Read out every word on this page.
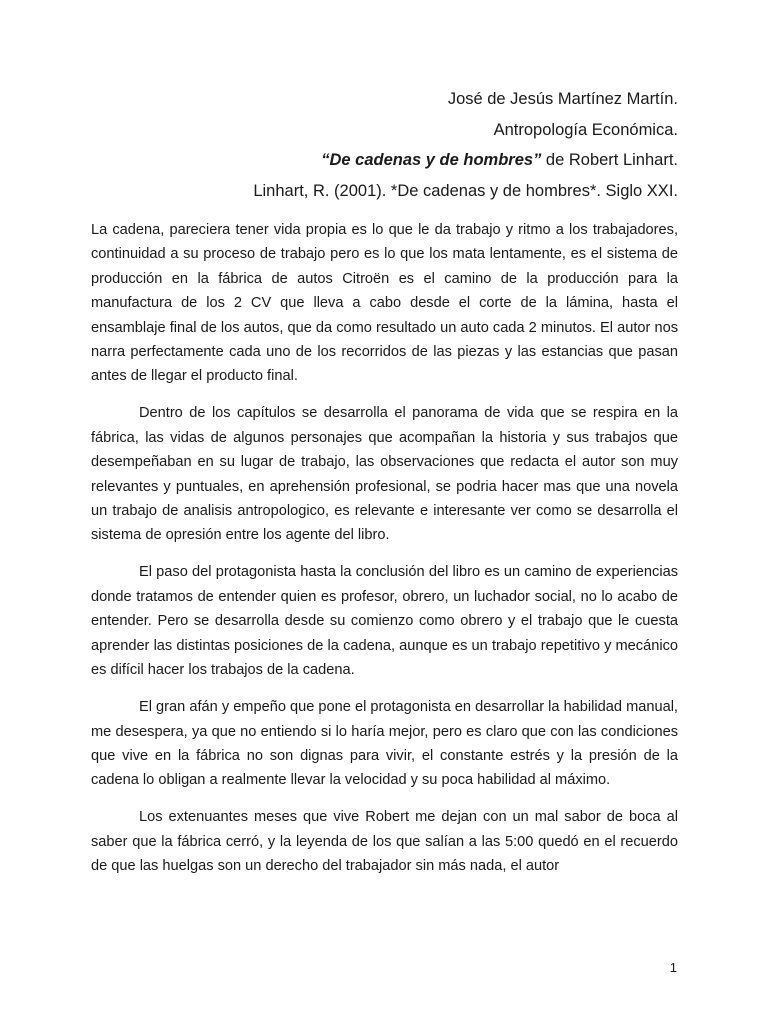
José de Jesús Martínez Martín.
Antropología Económica.
“De cadenas y de hombres” de Robert Linhart.
Linhart, R. (2001). *De cadenas y de hombres*. Siglo XXI.

La cadena, pareciera tener vida propia es lo que le da trabajo y ritmo a los trabajadores, continuidad a su proceso de trabajo pero es lo que los mata lentamente, es el sistema de producción en la fábrica de autos Citroën es el camino de la producción para la manufactura de los 2 CV que lleva a cabo desde el corte de la lámina, hasta el ensamblaje final de los autos, que da como resultado un auto cada 2 minutos. El autor nos narra perfectamente cada uno de los recorridos de las piezas y las estancias que pasan antes de llegar el producto final.

Dentro de los capítulos se desarrolla el panorama de vida que se respira en la fábrica, las vidas de algunos personajes que acompañan la historia y sus trabajos que desempeñaban en su lugar de trabajo, las observaciones que redacta el autor son muy relevantes y puntuales, en aprehensión profesional, se podria hacer mas que una novela un trabajo de analisis antropologico, es relevante e interesante ver como se desarrolla el sistema de opresión entre los agente del libro.

El paso del protagonista hasta la conclusión del libro es un camino de experiencias donde tratamos de entender quien es profesor, obrero, un luchador social, no lo acabo de entender. Pero se desarrolla desde su comienzo como obrero y el trabajo que le cuesta aprender las distintas posiciones de la cadena, aunque es un trabajo repetitivo y mecánico es difícil hacer los trabajos de la cadena.

El gran afán y empeño que pone el protagonista en desarrollar la habilidad manual, me desespera, ya que no entiendo si lo haría mejor, pero es claro que con las condiciones que vive en la fábrica no son dignas para vivir, el constante estrés y la presión de la cadena lo obligan a realmente llevar la velocidad y su poca habilidad al máximo.

Los extenuantes meses que vive Robert me dejan con un mal sabor de boca al saber que la fábrica cerró, y la leyenda de los que salían a las 5:00 quedó en el recuerdo de que las huelgas son un derecho del trabajador sin más nada, el autor

1
